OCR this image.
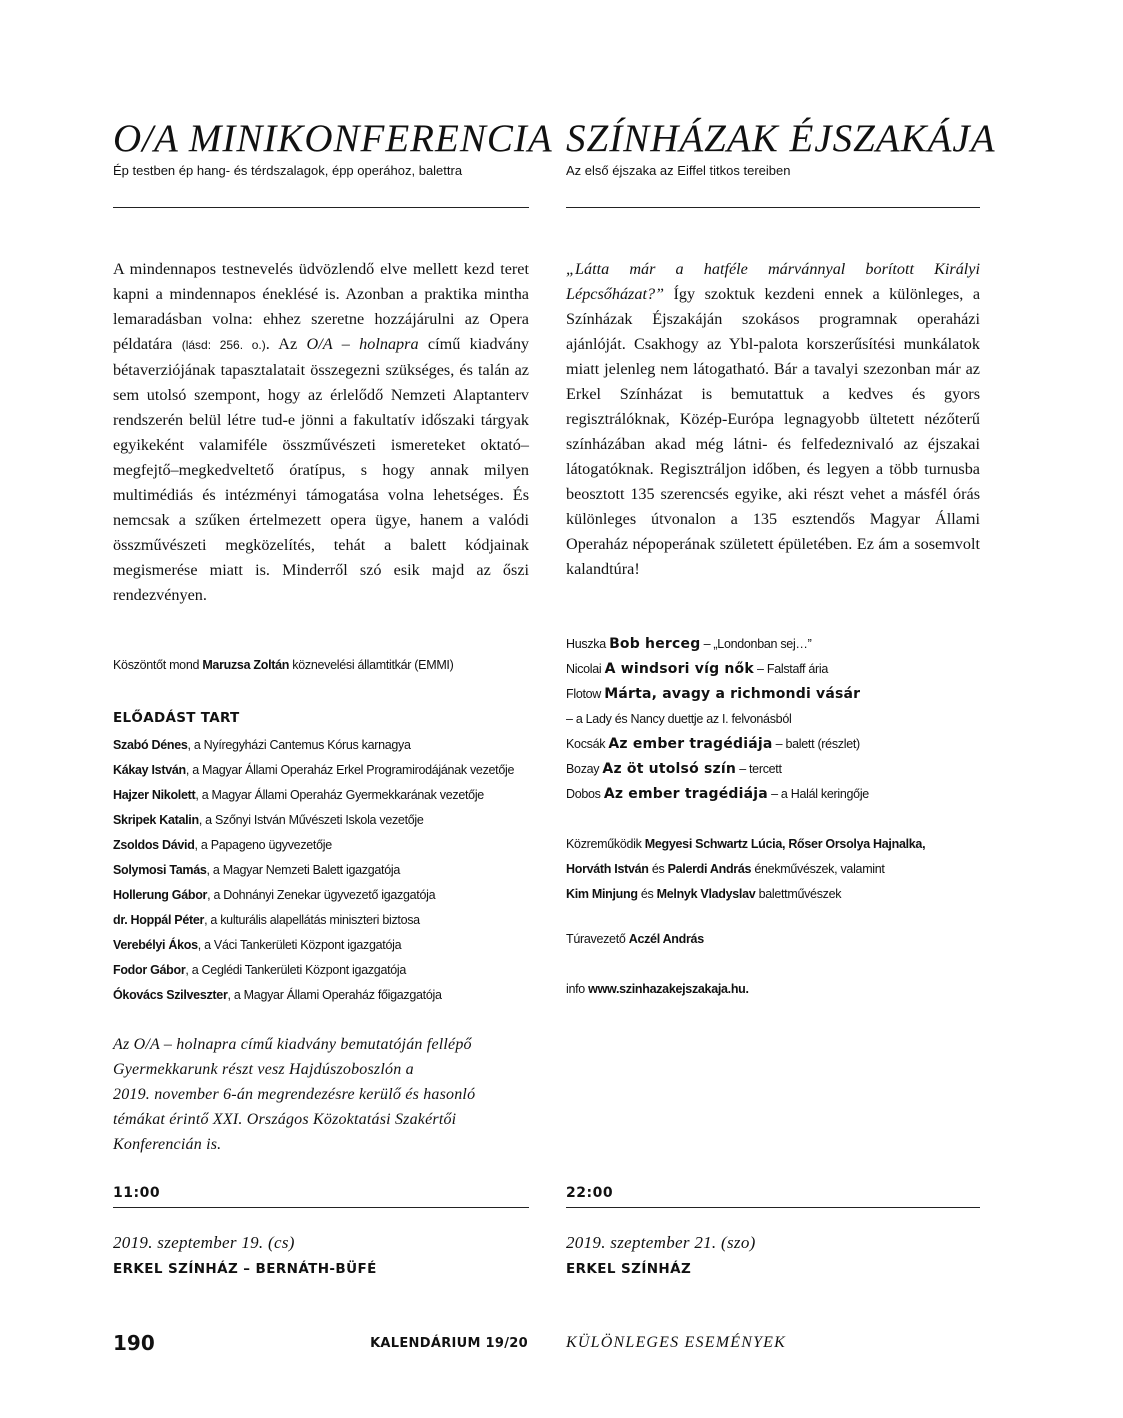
O/A MINIKONFERENCIA
Ép testben ép hang- és térdszalagok, épp operához, balettra

A mindennapos testnevelés üdvözlendő elve mellett kezd teret kapni a mindennapos éneklésé is. Azonban a praktika mintha lemaradásban volna: ehhez szeretne hozzájárulni az Opera példatára (lásd: 256. o.). Az O/A – holnapra című kiadvány bétaverziójának tapasztalatait összegezni szükséges, és talán az sem utolsó szempont, hogy az érlelődő Nemzeti Alaptanterv rendszerén belül létre tud-e jönni a fakultatív időszaki tárgyak egyikeként valamiféle összművészeti ismereteket oktató–megfejtő–megkedveltető óratípus, s hogy annak milyen multimédiás és intézményi támogatása volna lehetséges. És nemcsak a szűken értelmezett opera ügye, hanem a valódi összművészeti megközelítés, tehát a balett kódjainak megismerése miatt is. Minderről szó esik majd az őszi rendezvényen.

Köszöntőt mond Maruzsa Zoltán köznevelési államtitkár (EMMI)
ELŐADÁST TART
Szabó Dénes, a Nyíregyházi Cantemus Kórus karnagya
Kákay István, a Magyar Állami Operaház Erkel Programirodájának vezetője
Hajzer Nikolett, a Magyar Állami Operaház Gyermekkarának vezetője
Skripek Katalin, a Szőnyi István Művészeti Iskola vezetője
Zsoldos Dávid, a Papageno ügyvezetője
Solymosi Tamás, a Magyar Nemzeti Balett igazgatója
Hollerung Gábor, a Dohnányi Zenekar ügyvezető igazgatója
dr. Hoppál Péter, a kulturális alapellátás miniszteri biztosa
Verebélyi Ákos, a Váci Tankerületi Központ igazgatója
Fodor Gábor, a Ceglédi Tankerületi Központ igazgatója
Ókovács Szilveszter, a Magyar Állami Operaház főigazgatója
Az O/A – holnapra című kiadvány bemutatóján fellépő
Gyermekkarunk részt vesz Hajdúszoboszlón a
2019. november 6-án megrendezésre kerülő és hasonló
témákat érintő XXI. Országos Közoktatási Szakértői
Konferencián is.
11:00
2019. szeptember 19. (cs)
ERKEL SZÍNHÁZ – BERNÁTH-BÜFÉ
SZÍNHÁZAK ÉJSZAKÁJA
Az első éjszaka az Eiffel titkos tereiben

„Látta már a hatféle márvánnyal borított Királyi Lépcsőházat?” Így szoktuk kezdeni ennek a különleges, a Színházak Éjszakáján szokásos programnak operaházi ajánlóját. Csakhogy az Ybl-palota korszerűsítési munkálatok miatt jelenleg nem látogatható. Bár a tavalyi szezonban már az Erkel Színházat is bemutattuk a kedves és gyors regisztrálóknak, Közép-Európa legnagyobb ültetett nézőterű színházában akad még látni- és felfedeznivaló az éjszakai látogatóknak. Regisztráljon időben, és legyen a több turnusba beosztott 135 szerencsés egyike, aki részt vehet a másfél órás különleges útvonalon a 135 esztendős Magyar Állami Operaház népoperának született épületében. Ez ám a sosemvolt kalandtúra!

Huszka Bob herceg – „Londonban sej…”
Nicolai A windsori víg nők – Falstaff ária
Flotow Márta, avagy a richmondi vásár
– a Lady és Nancy duettje az I. felvonásból
Kocsák Az ember tragédiája – balett (részlet)
Bozay Az öt utolsó szín – tercett
Dobos Az ember tragédiája – a Halál keringője
Közreműködik Megyesi Schwartz Lúcia, Rőser Orsolya Hajnalka,
Horváth István és Palerdi András énekművészek, valamint
Kim Minjung és Melnyk Vladyslav balettművészek
Túravezető Aczél András
info www.szinhazakejszakaja.hu.
22:00
2019. szeptember 21. (szo)
ERKEL SZÍNHÁZ
190	KALENDÁRIUM 19/20 KÜLÖNLEGES ESEMÉNYEK
